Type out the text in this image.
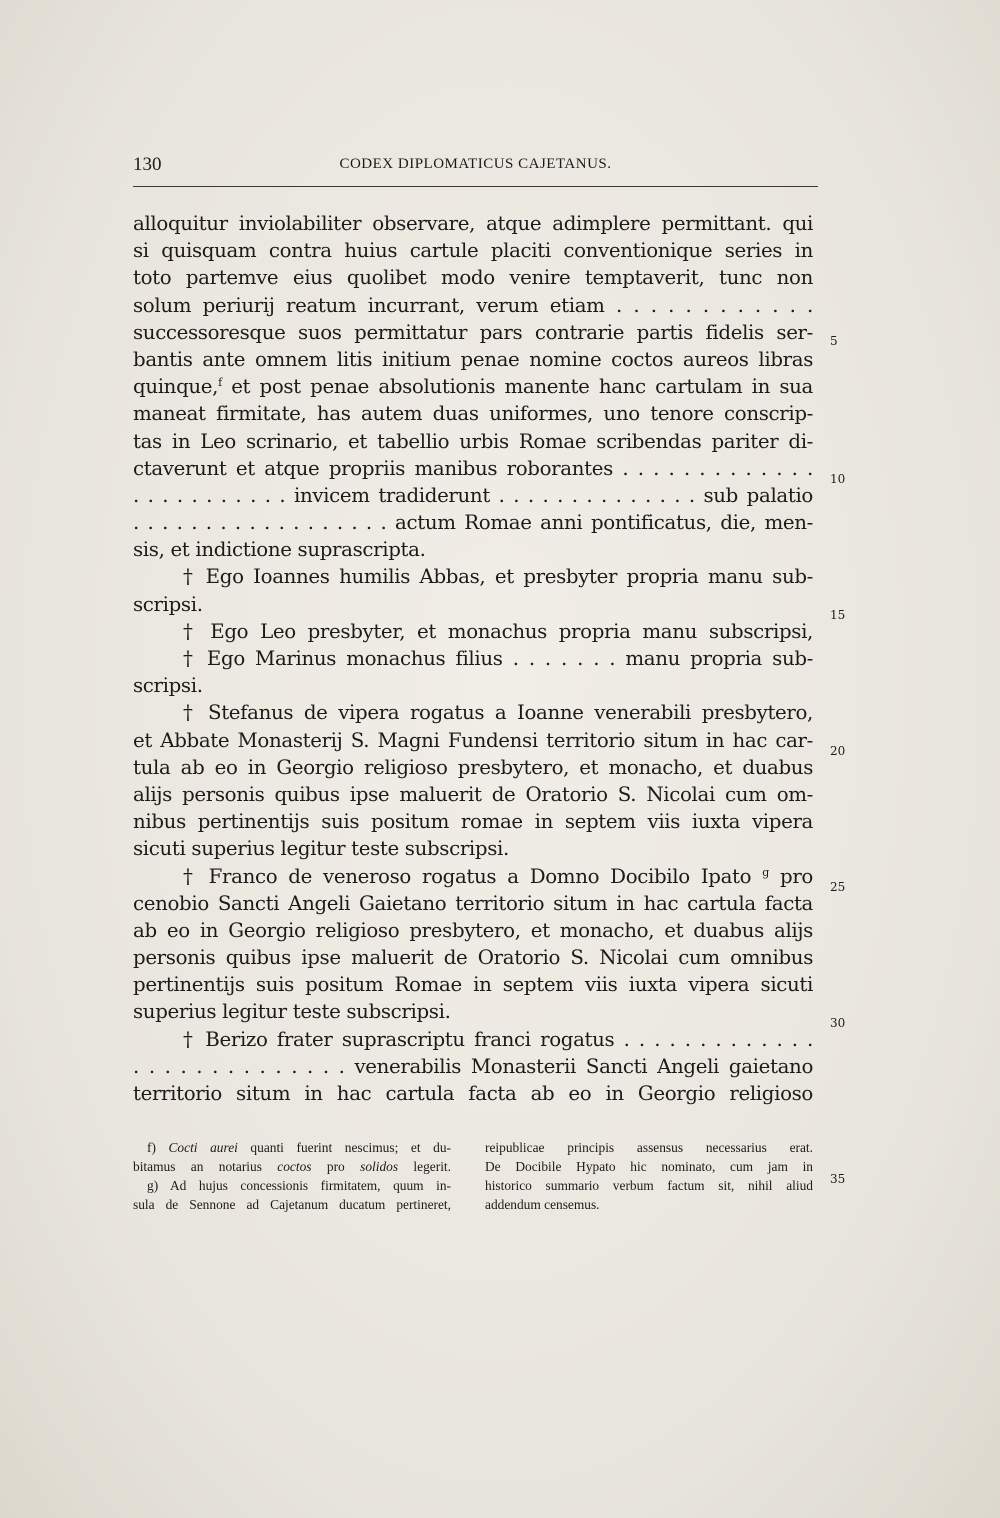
130	CODEX DIPLOMATICUS CAJETANUS.
alloquitur inviolabiliter observare, atque adimplere permittant. qui
si quisquam contra huius cartule placiti conventionique series in
toto partemve eius quolibet modo venire temptaverit, tunc non
solum periurij reatum incurrant, verum etiam . . . . . . . . . . . .
successoresque suos permittatur pars contrarie partis fidelis ser-
bantis ante omnem litis initium penae nomine coctos aureos libras
quinque,$^f$ et post penae absolutionis manente hanc cartulam in sua
maneat firmitate, has autem duas uniformes, uno tenore conscrip-
tas in Leo scrinario, et tabellio urbis Romae scribendas pariter di-
ctaverunt et atque propriis manibus roborantes . . . . . . . . . . . . .
. . . . . . . . . . . invicem tradiderunt . . . . . . . . . . . . . . sub palatio
. . . . . . . . . . . . . . . . . . actum Romae anni pontificatus, die, men-
sis, et indictione suprascripta.
† Ego Ioannes humilis Abbas, et presbyter propria manu sub-
scripsi.
† Ego Leo presbyter, et monachus propria manu subscripsi,
† Ego Marinus monachus filius . . . . . . . manu propria sub-
scripsi.
† Stefanus de vipera rogatus a Ioanne venerabili presbytero,
et Abbate Monasterij S. Magni Fundensi territorio situm in hac car-
tula ab eo in Georgio religioso presbytero, et monacho, et duabus
alijs personis quibus ipse maluerit de Oratorio S. Nicolai cum om-
nibus pertinentijs suis positum romae in septem viis iuxta vipera
sicuti superius legitur teste subscripsi.
† Franco de veneroso rogatus a Domno Docibilo Ipato $^g$ pro
cenobio Sancti Angeli Gaietano territorio situm in hac cartula facta
ab eo in Georgio religioso presbytero, et monacho, et duabus alijs
personis quibus ipse maluerit de Oratorio S. Nicolai cum omnibus
pertinentijs suis positum Romae in septem viis iuxta vipera sicuti
superius legitur teste subscripsi.
† Berizo frater suprascriptu franci rogatus . . . . . . . . . . . . .
. . . . . . . . . . . . . . venerabilis Monasterii Sancti Angeli gaietano
territorio situm in hac cartula facta ab eo in Georgio religioso
5
10
15
20
25
30
35
f) Cocti aurei quanti fuerint nescimus; et du-
bitamus an notarius coctos pro solidos legerit.
g) Ad hujus concessionis firmitatem, quum in-
sula de Sennone ad Cajetanum ducatum pertineret,
reipublicae principis assensus necessarius erat.
De Docibile Hypato hic nominato, cum jam in
historico summario verbum factum sit, nihil aliud
addendum censemus.
